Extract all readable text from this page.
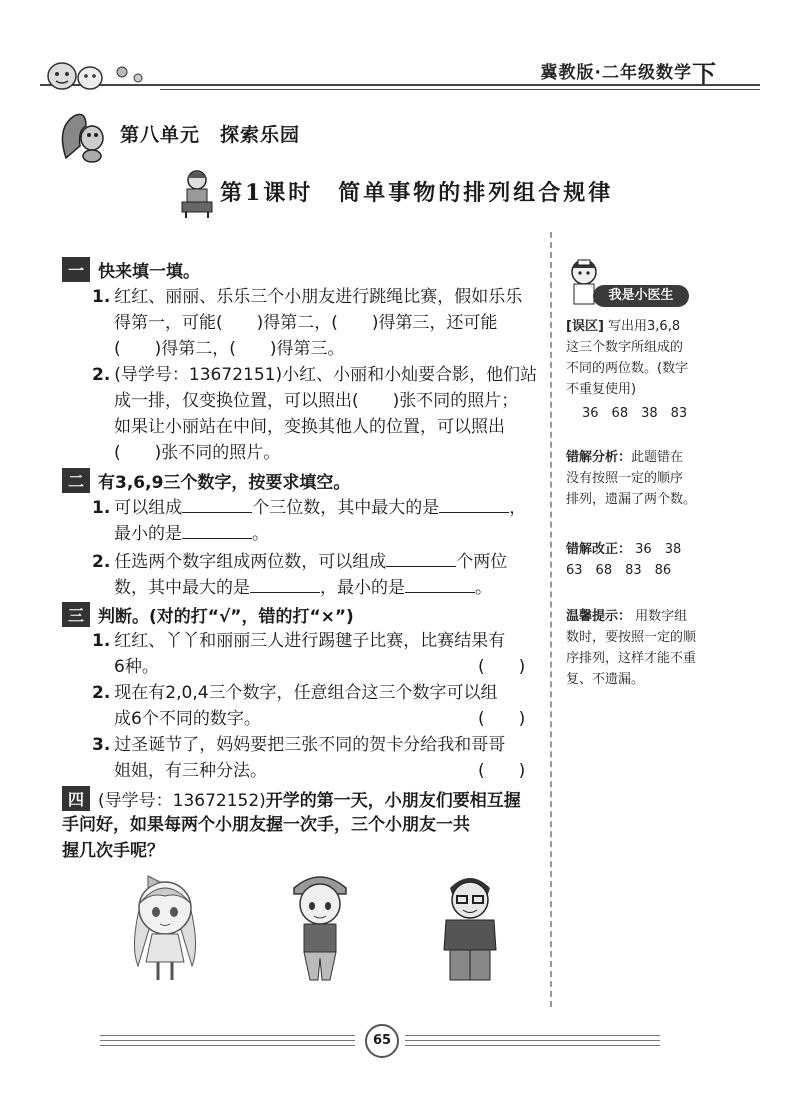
冀教版·二年级数学 下
第八单元　探索乐园
第1课时　简单事物的排列组合规律
一 快来填一填。
1. 红红、丽丽、乐乐三个小朋友进行跳绳比赛，假如乐乐
得第一，可能(　　)得第二，(　　)得第三，还可能
(　　)得第二，(　　)得第三。
2. (导学号：13672151)小红、小丽和小灿要合影，他们站
成一排，仅变换位置，可以照出(　　)张不同的照片；
如果让小丽站在中间，变换其他人的位置，可以照出
(　　)张不同的照片。
二 有3,6,9三个数字，按要求填空。
1. 可以组成	个三位数，其中最大的是	，
最小的是	。
2. 任选两个数字组成两位数，可以组成	个两位
数，其中最大的是	，最小的是	。
三 判断。(对的打“√”，错的打“×”)
1. 红红、丫丫和丽丽三人进行踢毽子比赛，比赛结果有
6种。	(　　)
2. 现在有2,0,4三个数字，任意组合这三个数字可以组
成6个不同的数字。	(　　)
3. 过圣诞节了，妈妈要把三张不同的贺卡分给我和哥哥
姐姐，有三种分法。	(　　)
四 (导学号：13672152) 开学的第一天，小朋友们要相互握
手问好，如果每两个小朋友握一次手，三个小朋友一共
握几次手呢？
我是小医生
[误区] 写出用3,6,8
这三个数字所组成的
不同的两位数。(数字
不重复使用)
36　68　38　83
错解分析：此题错在
没有按照一定的顺序
排列，遗漏了两个数。
错解改正： 36　38
63　68　83　86
温馨提示： 用数字组
数时，要按照一定的顺
序排列，这样才能不重
复、不遗漏。
65
